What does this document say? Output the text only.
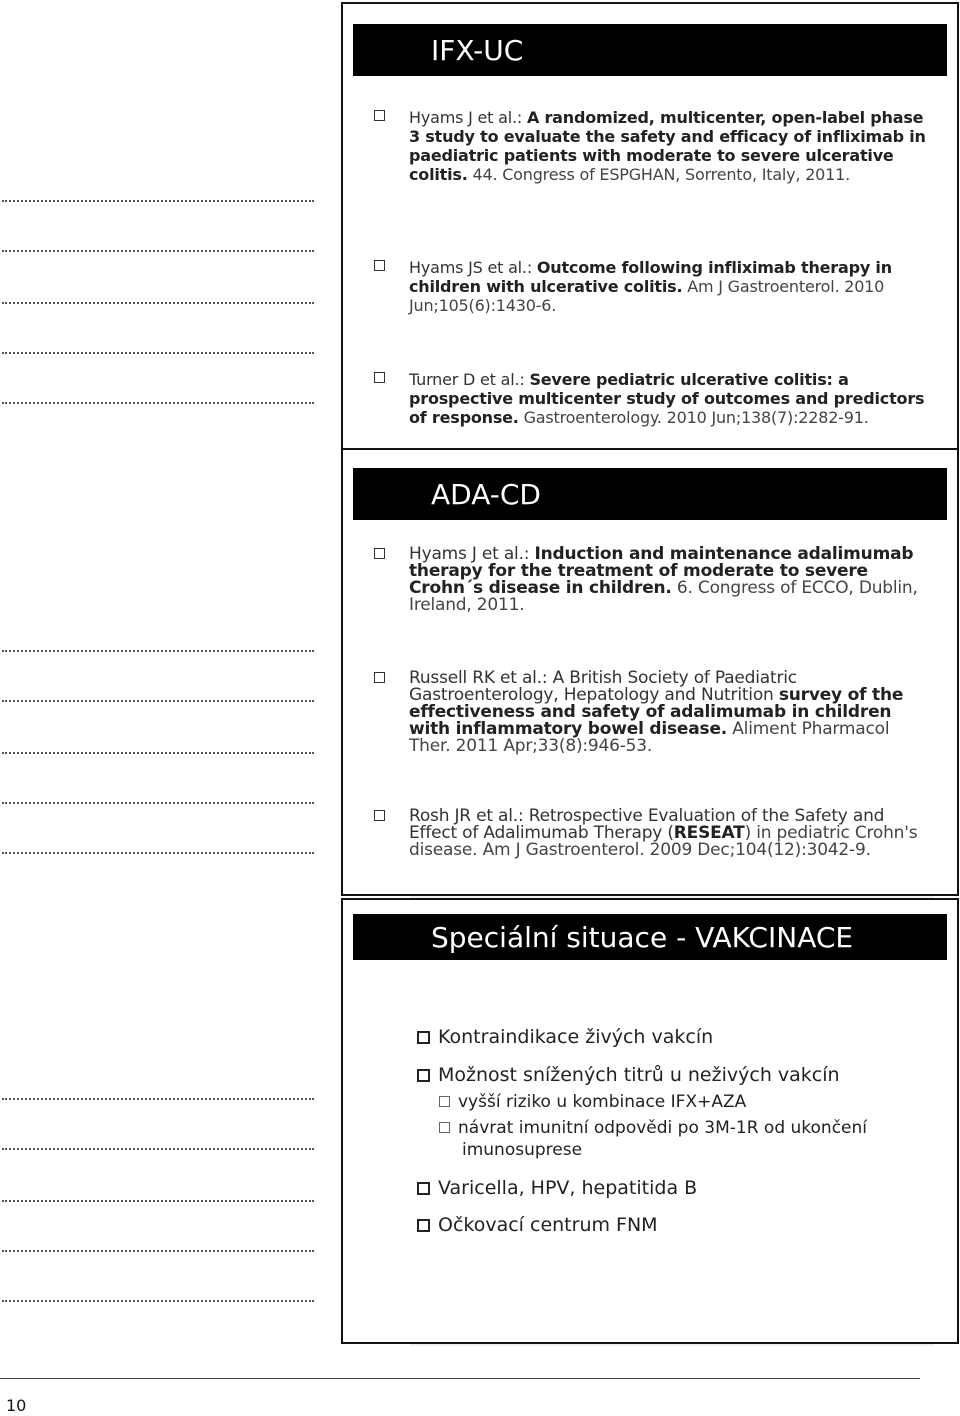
IFX-UC
Hyams J et al.: A randomized, multicenter, open-label phase 3 study to evaluate the safety and efficacy of infliximab in paediatric patients with moderate to severe ulcerative colitis. 44. Congress of ESPGHAN, Sorrento, Italy, 2011.
Hyams JS et al.: Outcome following infliximab therapy in children with ulcerative colitis. Am J Gastroenterol. 2010 Jun;105(6):1430-6.
Turner D et al.: Severe pediatric ulcerative colitis: a prospective multicenter study of outcomes and predictors of response. Gastroenterology. 2010 Jun;138(7):2282-91.
ADA-CD
Hyams J et al.: Induction and maintenance adalimumab therapy for the treatment of moderate to severe Crohn´s disease in children. 6. Congress of ECCO, Dublin, Ireland, 2011.
Russell RK et al.: A British Society of Paediatric Gastroenterology, Hepatology and Nutrition survey of the effectiveness and safety of adalimumab in children with inflammatory bowel disease. Aliment Pharmacol Ther. 2011 Apr;33(8):946-53.
Rosh JR et al.: Retrospective Evaluation of the Safety and Effect of Adalimumab Therapy (RESEAT) in pediatric Crohn's disease. Am J Gastroenterol. 2009 Dec;104(12):3042-9.
Speciální situace - VAKCINACE
Kontraindikace živých vakcín
Možnost snížených titrů u neživých vakcín
vyšší riziko u kombinace IFX+AZA
návrat imunitní odpovědi po 3M-1R od ukončení imunosuprese
Varicella, HPV, hepatitida B
Očkovací centrum FNM
10
